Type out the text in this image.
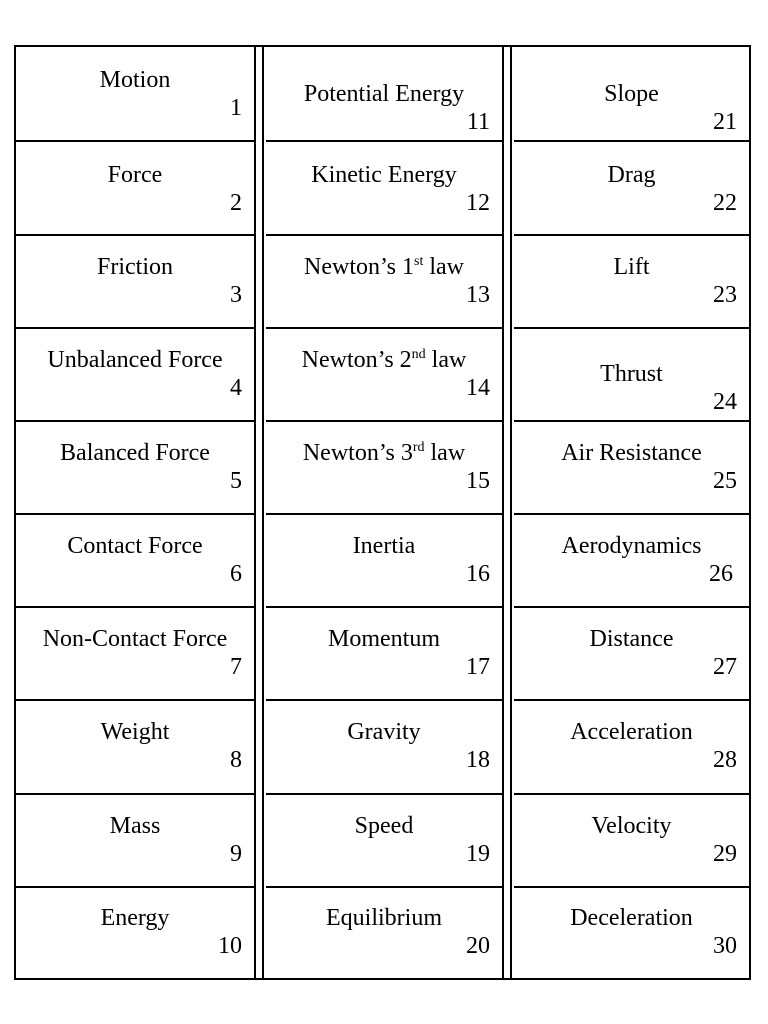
Motion
1
Force
2
Friction
3
Unbalanced Force
4
Balanced Force
5
Contact Force
6
Non-Contact Force
7
Weight
8
Mass
9
Energy
10
Potential Energy
11
Kinetic Energy
12
Newton’s 1st law
13
Newton’s 2nd law
14
Newton’s 3rd law
15
Inertia
16
Momentum
17
Gravity
18
Speed
19
Equilibrium
20
Slope
21
Drag
22
Lift
23
Thrust
24
Air Resistance
25
Aerodynamics
26
Distance
27
Acceleration
28
Velocity
29
Deceleration
30
